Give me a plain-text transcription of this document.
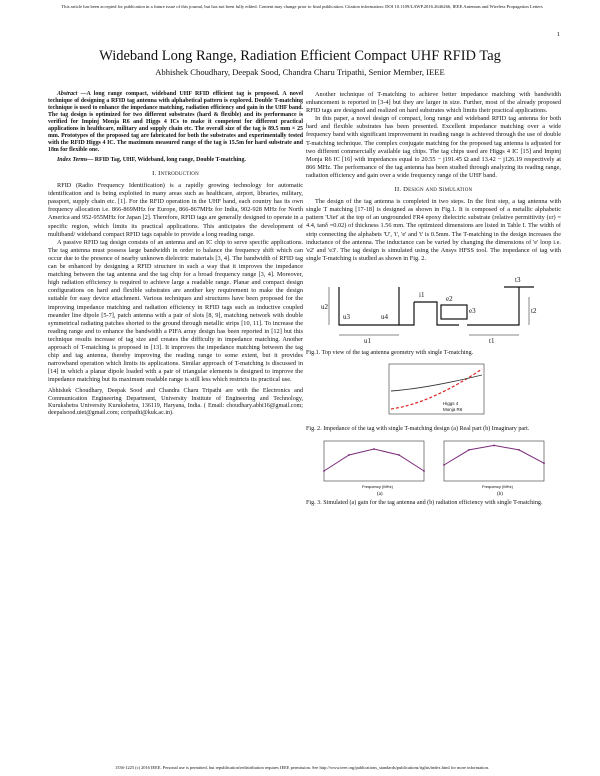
This article has been accepted for publication in a future issue of this journal, but has not been fully edited. Content may change prior to final publication. Citation information: DOI 10.1109/LAWP.2016.2646266, IEEE Antennas and Wireless Propagation Letters
1
Wideband Long Range, Radiation Efficient Compact UHF RFID Tag
Abhishek Choudhary, Deepak Sood, Chandra Charu Tripathi, Senior Member, IEEE

Abstract —A long range compact, wideband UHF RFID efficient tag is proposed. A novel technique of designing a RFID tag antenna with alphabetical pattern is explored. Double T-matching technique is used to enhance the impedance matching, radiation efficiency and gain in the UHF band. The tag design is optimized for two different substrates (hard & flexible) and its performance is verified for Impinj Monja R6 and Higgs 4 ICs to make it competent for different practical applications in healthcare, military and supply chain etc. The overall size of the tag is 89.5 mm × 25 mm. Prototypes of the proposed tag are fabricated for both the substrates and experimentally tested with the RFID Higgs 4 IC. The maximum measured range of the tag is 15.5m for hard substrate and 18m for flexible one.

Index Terms— RFID Tag, UHF, Wideband, long range, Double T-matching.

I. Introduction

RFID (Radio Frequency Identification) is a rapidly growing technology for automatic identification and is being exploited in many areas such as healthcare, airport, libraries, military, passport, supply chain etc. [1]. For the RFID operation in the UHF band, each country has its own frequency allocation i.e. 866-869MHz for Europe, 866-867MHz for India, 902-928 MHz for North America and 952-955MHz for Japan [2]. Therefore, RFID tags are generally designed to operate in a specific region, which limits its practical applications. This anticipates the development of multiband/ wideband compact RFID tags capable to provide a long reading range.

A passive RFID tag design consists of an antenna and an IC chip to serve specific applications. The tag antenna must possess large bandwidth in order to balance the frequency shift which can occur due to the presence of nearby unknown dielectric materials [3, 4]. The bandwidth of RFID tag can be enhanced by designing a RFID structure in such a way that it improves the impedance matching between the tag antenna and the tag chip for a broad frequency range [3, 4]. Moreover, high radiation efficiency is required to achieve large a readable range. Planar and compact design configurations on hard and flexible substrates are another key requirement to make the design suitable for easy device attachment. Various techniques and structures have been proposed for the improving impedance matching and radiation efficiency in RFID tags such as inductive coupled meander line dipole [5-7], patch antenna with a pair of slots [8, 9], matching network with double symmetrical radiating patches shorted to the ground through metallic strips [10, 11]. To increase the reading range and to enhance the bandwidth a PIFA array design has been reported in [12] but this technique results increase of tag size and creates the difficulty in impedance matching. Another approach of T-matching is proposed in [13]. It improves the impedance matching between the tag chip and tag antenna, thereby improving the reading range to some extent, but it provides narrowband operation which limits its applications. Similar approach of T-matching is discussed in [14] in which a planar dipole loaded with a pair of triangular elements is designed to improve the impedance matching but its maximum readable range is still less which restricts its practical use.

Abhishek Choudhary, Deepak Sood and Chandra Charu Tripathi are with the Electronics and Communication Engineering Department, University Institute of Engineering and Technology, Kurukshetra University Kurukshetra, 136119, Haryana, India. ( Email: choudhary.abhi16@gmail.com; deepalsood.uiet@gmail.com; ccripathi@kuk.ac.in).

Another technique of T-matching to achieve better impedance matching with bandwidth enhancement is reported in [3-4] but they are larger in size. Further, most of the already proposed RFID tags are designed and realized on hard substrates which limits their practical applications.

In this paper, a novel design of compact, long range and wideband RFID tag antenna for both hard and flexible substrates has been presented. Excellent impedance matching over a wide frequency band with significant improvement in reading range is achieved through the use of double T-matching technique. The complex conjugate matching for the proposed tag antenna is adjusted for two different commercially available tag chips. The tag chips used are Higgs 4 IC [15] and Impinj Monja R6 IC [16] with impedances equal to 20.55 − j191.45 Ω and 13.42 − j126.19 respectively at 866 MHz. The performance of the tag antenna has been studied through analyzing its reading range, radiation efficiency and gain over a wide frequency range of the UHF band.

II. Design and Simulation

The design of the tag antenna is completed in two steps. In the first step, a tag antenna with single T matching [17-18] is designed as shown in Fig.1. It is composed of a metallic alphabetic pattern 'Uiet' at the top of an ungrounded FR4 epoxy dielectric substrate (relative permittivity (εr) = 4.4, tanδ =0.02) of thickness 1.56 mm. The optimized dimensions are listed in Table I. The width of strip connecting the alphabets 'U', 'i', 'e' and 't' is 0.5mm. The T-matching in the design increases the inductance of the antenna. The inductance can be varied by changing the dimensions of 'e' loop i.e. 'e2' and 'e3'. The tag design is simulated using the Ansys HFSS tool. The impedance of tag with single T-matching is studied as shown in Fig. 2.

u2
u1
u3	u4
e2
e3
t1
t2
t3
i1

Fig.1. Top view of the tag antenna geometry with single T-matching.

Higgs 4
Monja R6

Fig. 2. Impedance of the tag with single T-matching design (a) Real part (b) Imaginary part.

(a)	(b)
Frequency (MHz)	Frequency (MHz)

Fig. 3. Simulated (a) gain for the tag antenna and (b) radiation efficiency with single T-matching.

1536-1225 (c) 2016 IEEE. Personal use is permitted, but republication/redistribution requires IEEE permission. See http://www.ieee.org/publications_standards/publications/rights/index.html for more information.
